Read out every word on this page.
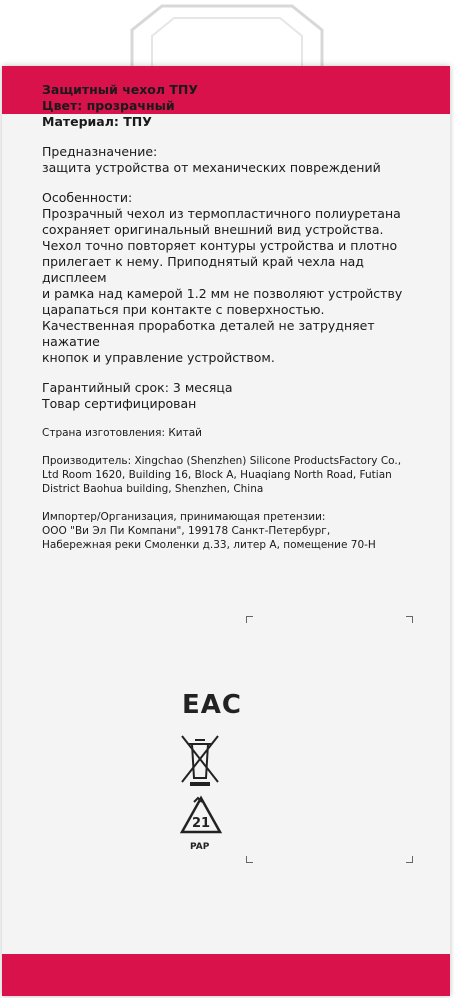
Защитный чехол ТПУ

Цвет: прозрачный

Материал: ТПУ

Предназначение:

защита устройства от механических повреждений

Особенности:

Прозрачный чехол из термопластичного полиуретана

сохраняет оригинальный внешний вид устройства.

Чехол точно повторяет контуры устройства и плотно

прилегает к нему. Приподнятый край чехла над дисплеем

и рамка над камерой 1.2 мм не позволяют устройству

царапаться при контакте с поверхностью.

Качественная проработка деталей не затрудняет нажатие

кнопок и управление устройством.

Гарантийный срок: 3 месяца

Товар сертифицирован

Страна изготовления: Китай

Производитель: Xingchao (Shenzhen) Silicone ProductsFactory Co.,

Ltd Room 1620, Building 16, Block A, Huaqiang North Road, Futian

District Baohua building, Shenzhen, China

Импортер/Организация, принимающая претензии:

ООО "Ви Эл Пи Компани", 199178 Санкт-Петербург,

Набережная реки Смоленки д.33, литер А, помещение 70-Н

EAC
21
PAP
